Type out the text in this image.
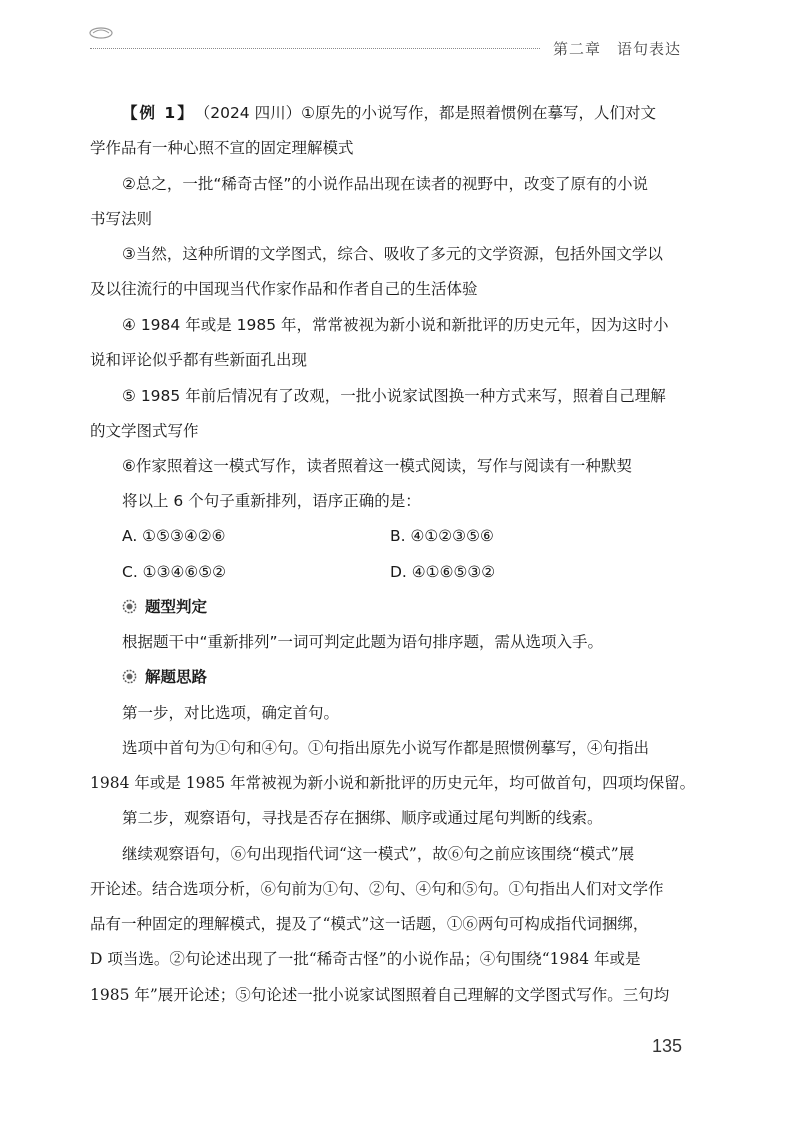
第二章 语句表达
【例 1】（2024 四川）①原先的小说写作，都是照着惯例在摹写，人们对文
学作品有一种心照不宣的固定理解模式
②总之，一批“稀奇古怪”的小说作品出现在读者的视野中，改变了原有的小说
书写法则
③当然，这种所谓的文学图式，综合、吸收了多元的文学资源，包括外国文学以
及以往流行的中国现当代作家作品和作者自己的生活体验
④ 1984 年或是 1985 年，常常被视为新小说和新批评的历史元年，因为这时小
说和评论似乎都有些新面孔出现
⑤ 1985 年前后情况有了改观，一批小说家试图换一种方式来写，照着自己理解
的文学图式写作
⑥作家照着这一模式写作，读者照着这一模式阅读，写作与阅读有一种默契
将以上 6 个句子重新排列，语序正确的是：
A. ①⑤③④②⑥	B. ④①②③⑤⑥
C. ①③④⑥⑤②	D. ④①⑥⑤③②
题型判定
根据题干中“重新排列”一词可判定此题为语句排序题，需从选项入手。
解题思路
第一步，对比选项，确定首句。
选项中首句为①句和④句。①句指出原先小说写作都是照惯例摹写，④句指出
1984 年或是 1985 年常被视为新小说和新批评的历史元年，均可做首句，四项均保留。
第二步，观察语句，寻找是否存在捆绑、顺序或通过尾句判断的线索。
继续观察语句，⑥句出现指代词“这一模式”，故⑥句之前应该围绕“模式”展
开论述。结合选项分析，⑥句前为①句、②句、④句和⑤句。①句指出人们对文学作
品有一种固定的理解模式，提及了“模式”这一话题，①⑥两句可构成指代词捆绑，
D 项当选。②句论述出现了一批“稀奇古怪”的小说作品；④句围绕“1984 年或是
1985 年”展开论述；⑤句论述一批小说家试图照着自己理解的文学图式写作。三句均
135
